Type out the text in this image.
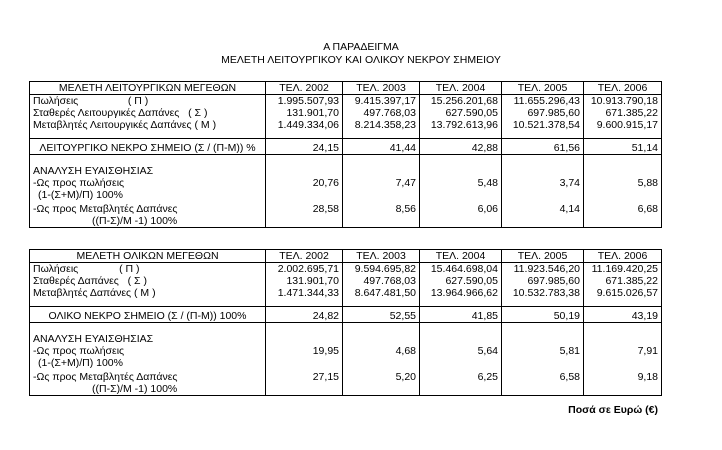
Α ΠΑΡΑΔΕΙΓΜΑ
ΜΕΛΕΤΗ ΛΕΙΤΟΥΡΓΙΚΟΥ ΚΑΙ ΟΛΙΚΟΥ ΝΕΚΡΟΥ ΣΗΜΕΙΟΥ
ΜΕΛΕΤΗ ΛΕΙΤΟΥΡΓΙΚΩΝ ΜΕΓΕΘΩΝ	ΤΕΛ. 2002	ΤΕΛ. 2003	ΤΕΛ. 2004	ΤΕΛ. 2005	ΤΕΛ. 2006
Πωλήσεις                 ( Π )	1.995.507,93	9.415.397,17	15.256.201,68	11.655.296,43	10.913.790,18
Σταθερές Λειτουργικές Δαπάνες   ( Σ )	131.901,70	497.768,03	627.590,05	697.985,60	671.385,22
Μεταβλητές Λειτουργικές Δαπάνες ( Μ )	1.449.334,06	8.214.358,23	13.792.613,96	10.521.378,54	9.600.915,17

ΛΕΙΤΟΥΡΓΙΚΟ ΝΕΚΡΟ ΣΗΜΕΙΟ (Σ / (Π-Μ)) %	24,15	41,44	42,88	61,56	51,14

ΑΝΑΛΥΣΗ ΕΥΑΙΣΘΗΣΙΑΣ					
-Ως προς πωλήσεις	20,76	7,47	5,48	3,74	5,88
(1-(Σ+Μ)/Π) 100%					

-Ως προς Μεταβλητές Δαπάνες	28,58	8,56	6,06	4,14	6,68
((Π-Σ)/Μ -1) 100%					
ΜΕΛΕΤΗ ΟΛΙΚΩΝ ΜΕΓΕΘΩΝ	ΤΕΛ. 2002	ΤΕΛ. 2003	ΤΕΛ. 2004	ΤΕΛ. 2005	ΤΕΛ. 2006
Πωλήσεις              ( Π )	2.002.695,71	9.594.695,82	15.464.698,04	11.923.546,20	11.169.420,25
Σταθερές Δαπάνες   ( Σ )	131.901,70	497.768,03	627.590,05	697.985,60	671.385,22
Μεταβλητές Δαπάνες ( Μ )	1.471.344,33	8.647.481,50	13.964.966,62	10.532.783,38	9.615.026,57

ΟΛΙΚΟ ΝΕΚΡΟ ΣΗΜΕΙΟ (Σ / (Π-Μ)) 100%	24,82	52,55	41,85	50,19	43,19

ΑΝΑΛΥΣΗ ΕΥΑΙΣΘΗΣΙΑΣ					
-Ως προς πωλήσεις	19,95	4,68	5,64	5,81	7,91
(1-(Σ+Μ)/Π) 100%					

-Ως προς Μεταβλητές Δαπάνες	27,15	5,20	6,25	6,58	9,18
((Π-Σ)/Μ -1) 100%					
Ποσά σε Ευρώ (€)
